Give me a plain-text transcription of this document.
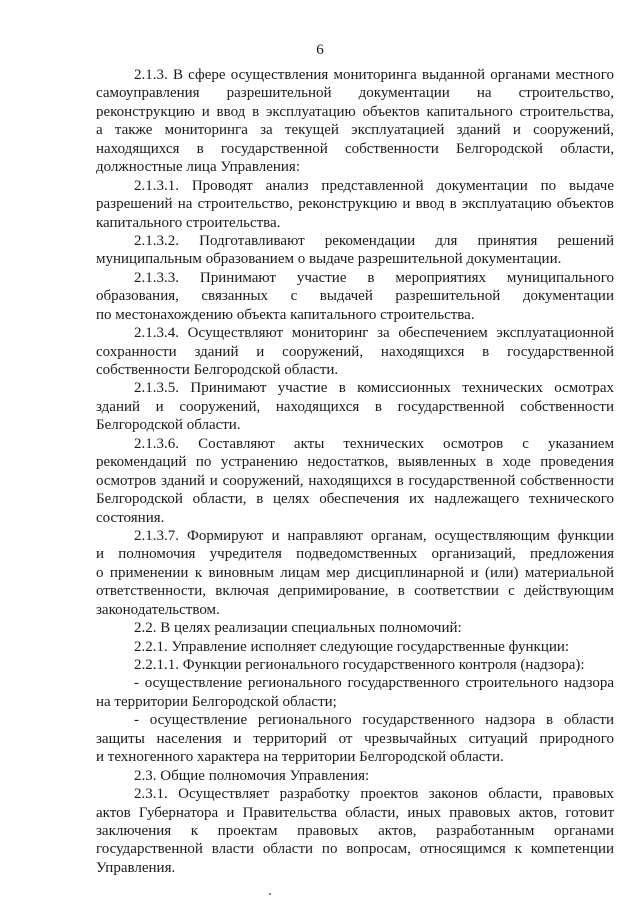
6
2.1.3. В сфере осуществления мониторинга выданной органами местного
самоуправления разрешительной документации на строительство,
реконструкцию и ввод в эксплуатацию объектов капитального строительства,
а также мониторинга за текущей эксплуатацией зданий и сооружений,
находящихся в государственной собственности Белгородской области,
должностные лица Управления:
2.1.3.1. Проводят анализ представленной документации по выдаче
разрешений на строительство, реконструкцию и ввод в эксплуатацию объектов
капитального строительства.
2.1.3.2. Подготавливают рекомендации для принятия решений
муниципальным образованием о выдаче разрешительной документации.
2.1.3.3. Принимают участие в мероприятиях муниципального
образования, связанных с выдачей разрешительной документации
по местонахождению объекта капитального строительства.
2.1.3.4. Осуществляют мониторинг за обеспечением эксплуатационной
сохранности зданий и сооружений, находящихся в государственной
собственности Белгородской области.
2.1.3.5. Принимают участие в комиссионных технических осмотрах
зданий и сооружений, находящихся в государственной собственности
Белгородской области.
2.1.3.6. Составляют акты технических осмотров с указанием
рекомендаций по устранению недостатков, выявленных в ходе проведения
осмотров зданий и сооружений, находящихся в государственной собственности
Белгородской области, в целях обеспечения их надлежащего технического
состояния.
2.1.3.7. Формируют и направляют органам, осуществляющим функции
и полномочия учредителя подведомственных организаций, предложения
о применении к виновным лицам мер дисциплинарной и (или) материальной
ответственности, включая депримирование, в соответствии с действующим
законодательством.
2.2. В целях реализации специальных полномочий:
2.2.1. Управление исполняет следующие государственные функции:
2.2.1.1. Функции регионального государственного контроля (надзора):
- осуществление регионального государственного строительного надзора
на территории Белгородской области;
- осуществление регионального государственного надзора в области
защиты населения и территорий от чрезвычайных ситуаций природного
и техногенного характера на территории Белгородской области.
2.3. Общие полномочия Управления:
2.3.1. Осуществляет разработку проектов законов области, правовых
актов Губернатора и Правительства области, иных правовых актов, готовит
заключения к проектам правовых актов, разработанным органами
государственной власти области по вопросам, относящимся к компетенции
Управления.
